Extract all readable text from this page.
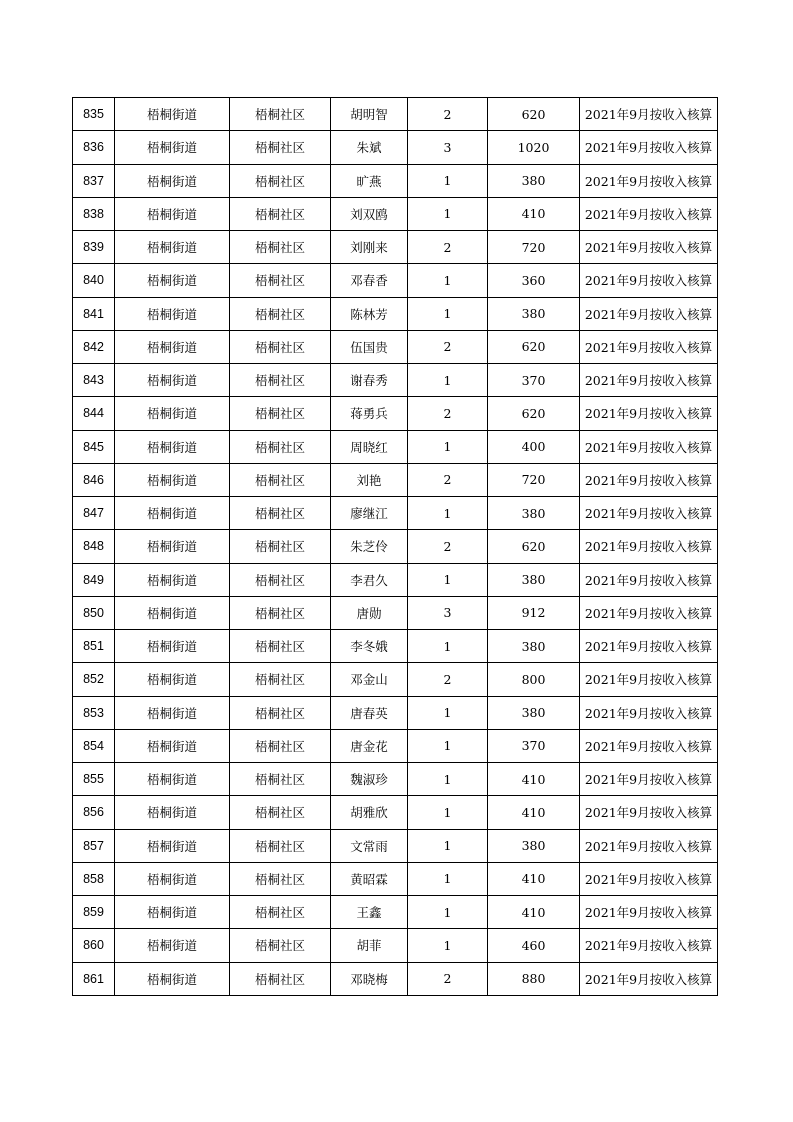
835	梧桐街道	梧桐社区	胡明智	2	620	2021年9月按收入核算
836	梧桐街道	梧桐社区	朱斌	3	1020	2021年9月按收入核算
837	梧桐街道	梧桐社区	旷燕	1	380	2021年9月按收入核算
838	梧桐街道	梧桐社区	刘双鸥	1	410	2021年9月按收入核算
839	梧桐街道	梧桐社区	刘刚来	2	720	2021年9月按收入核算
840	梧桐街道	梧桐社区	邓春香	1	360	2021年9月按收入核算
841	梧桐街道	梧桐社区	陈林芳	1	380	2021年9月按收入核算
842	梧桐街道	梧桐社区	伍国贵	2	620	2021年9月按收入核算
843	梧桐街道	梧桐社区	谢春秀	1	370	2021年9月按收入核算
844	梧桐街道	梧桐社区	蒋勇兵	2	620	2021年9月按收入核算
845	梧桐街道	梧桐社区	周晓红	1	400	2021年9月按收入核算
846	梧桐街道	梧桐社区	刘艳	2	720	2021年9月按收入核算
847	梧桐街道	梧桐社区	廖继江	1	380	2021年9月按收入核算
848	梧桐街道	梧桐社区	朱芝伶	2	620	2021年9月按收入核算
849	梧桐街道	梧桐社区	李君久	1	380	2021年9月按收入核算
850	梧桐街道	梧桐社区	唐勋	3	912	2021年9月按收入核算
851	梧桐街道	梧桐社区	李冬娥	1	380	2021年9月按收入核算
852	梧桐街道	梧桐社区	邓金山	2	800	2021年9月按收入核算
853	梧桐街道	梧桐社区	唐春英	1	380	2021年9月按收入核算
854	梧桐街道	梧桐社区	唐金花	1	370	2021年9月按收入核算
855	梧桐街道	梧桐社区	魏淑珍	1	410	2021年9月按收入核算
856	梧桐街道	梧桐社区	胡雅欣	1	410	2021年9月按收入核算
857	梧桐街道	梧桐社区	文常雨	1	380	2021年9月按收入核算
858	梧桐街道	梧桐社区	黄昭霖	1	410	2021年9月按收入核算
859	梧桐街道	梧桐社区	王鑫	1	410	2021年9月按收入核算
860	梧桐街道	梧桐社区	胡菲	1	460	2021年9月按收入核算
861	梧桐街道	梧桐社区	邓晓梅	2	880	2021年9月按收入核算
